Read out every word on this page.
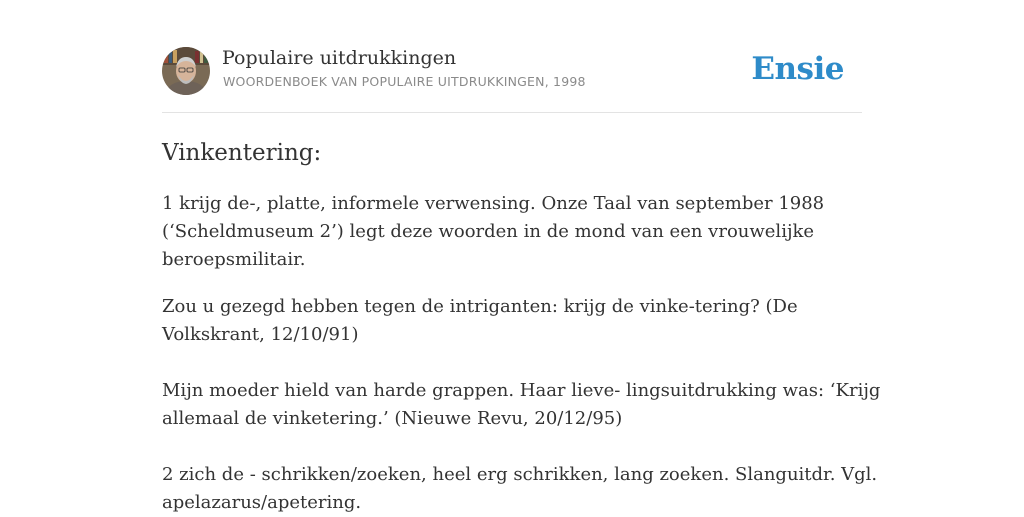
Populaire uitdrukkingen
WOORDENBOEK VAN POPULAIRE UITDRUKKINGEN, 1998	Ensie
Vinkentering:

1 krijg de-, platte, informele verwensing. Onze Taal van september 1988 (‘Scheldmuseum 2’) legt deze woorden in de mond van een vrouwelijke beroepsmilitair.

Zou u gezegd hebben tegen de intriganten: krijg de vinke-tering? (De Volkskrant, 12/10/91)

Mijn moeder hield van harde grappen. Haar lieve- lingsuitdrukking was: ‘Krijg allemaal de vinketering.’ (Nieuwe Revu, 20/12/95)

2 zich de - schrikken/zoeken, heel erg schrikken, lang zoeken. Slanguitdr. Vgl. apelazarus/apetering.
